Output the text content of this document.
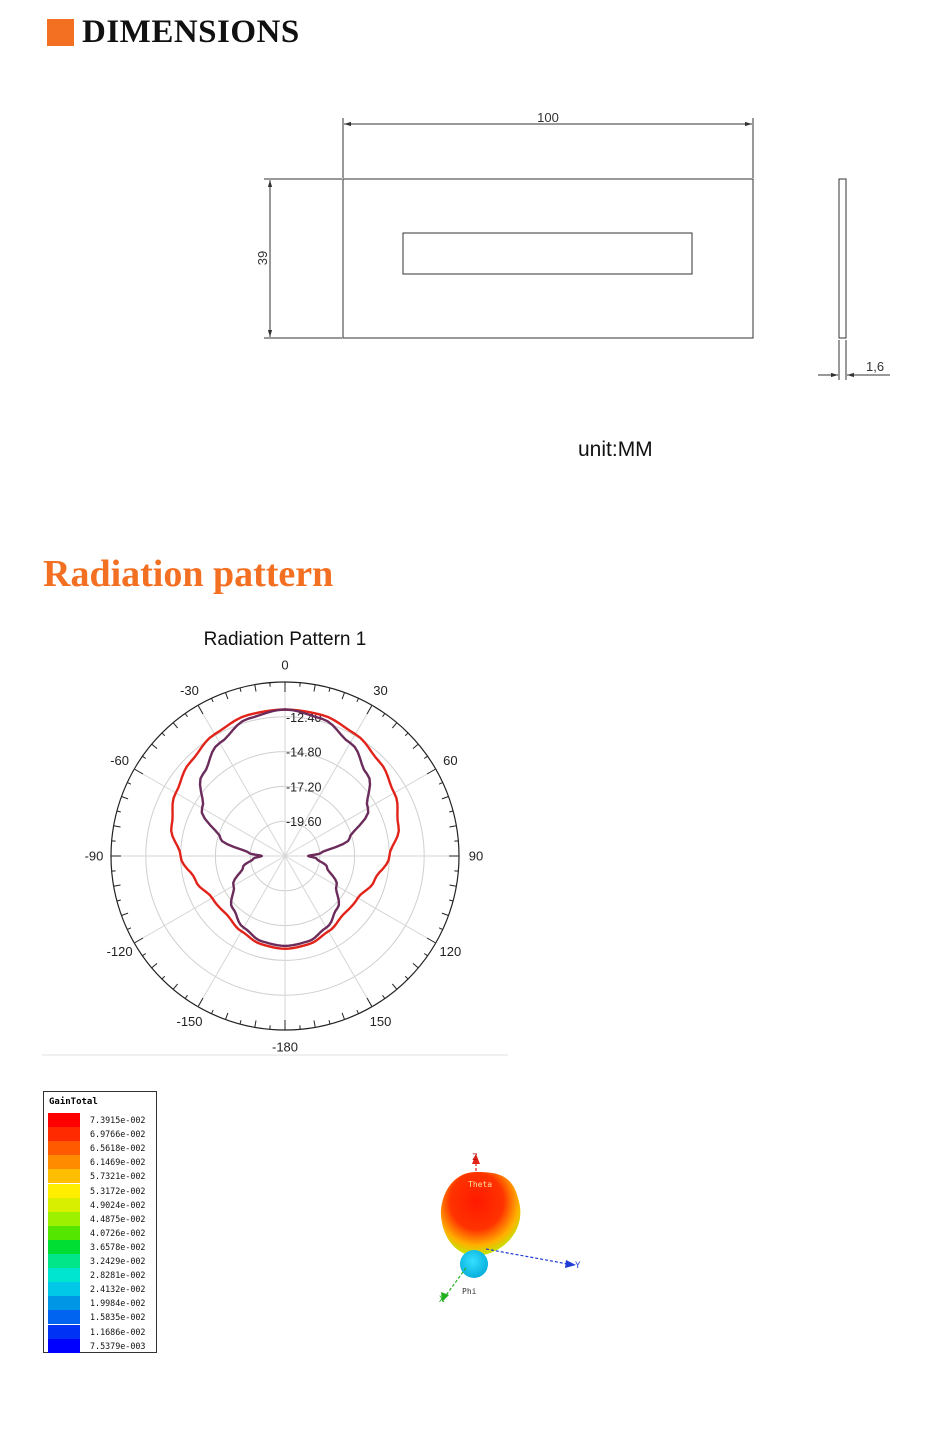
DIMENSIONS
100
39
1,6
unit:MM
Radiation Pattern 1
0
30
60
90
120
150
-180
-150
-120
-90
-60
-30
-12.40
-14.80
-17.20
-19.60
Z
Y
X
Theta
Phi
Radiation pattern
GainTotal
7.3915e-002
6.9766e-002
6.5618e-002
6.1469e-002
5.7321e-002
5.3172e-002
4.9024e-002
4.4875e-002
4.0726e-002
3.6578e-002
3.2429e-002
2.8281e-002
2.4132e-002
1.9984e-002
1.5835e-002
1.1686e-002
7.5379e-003
